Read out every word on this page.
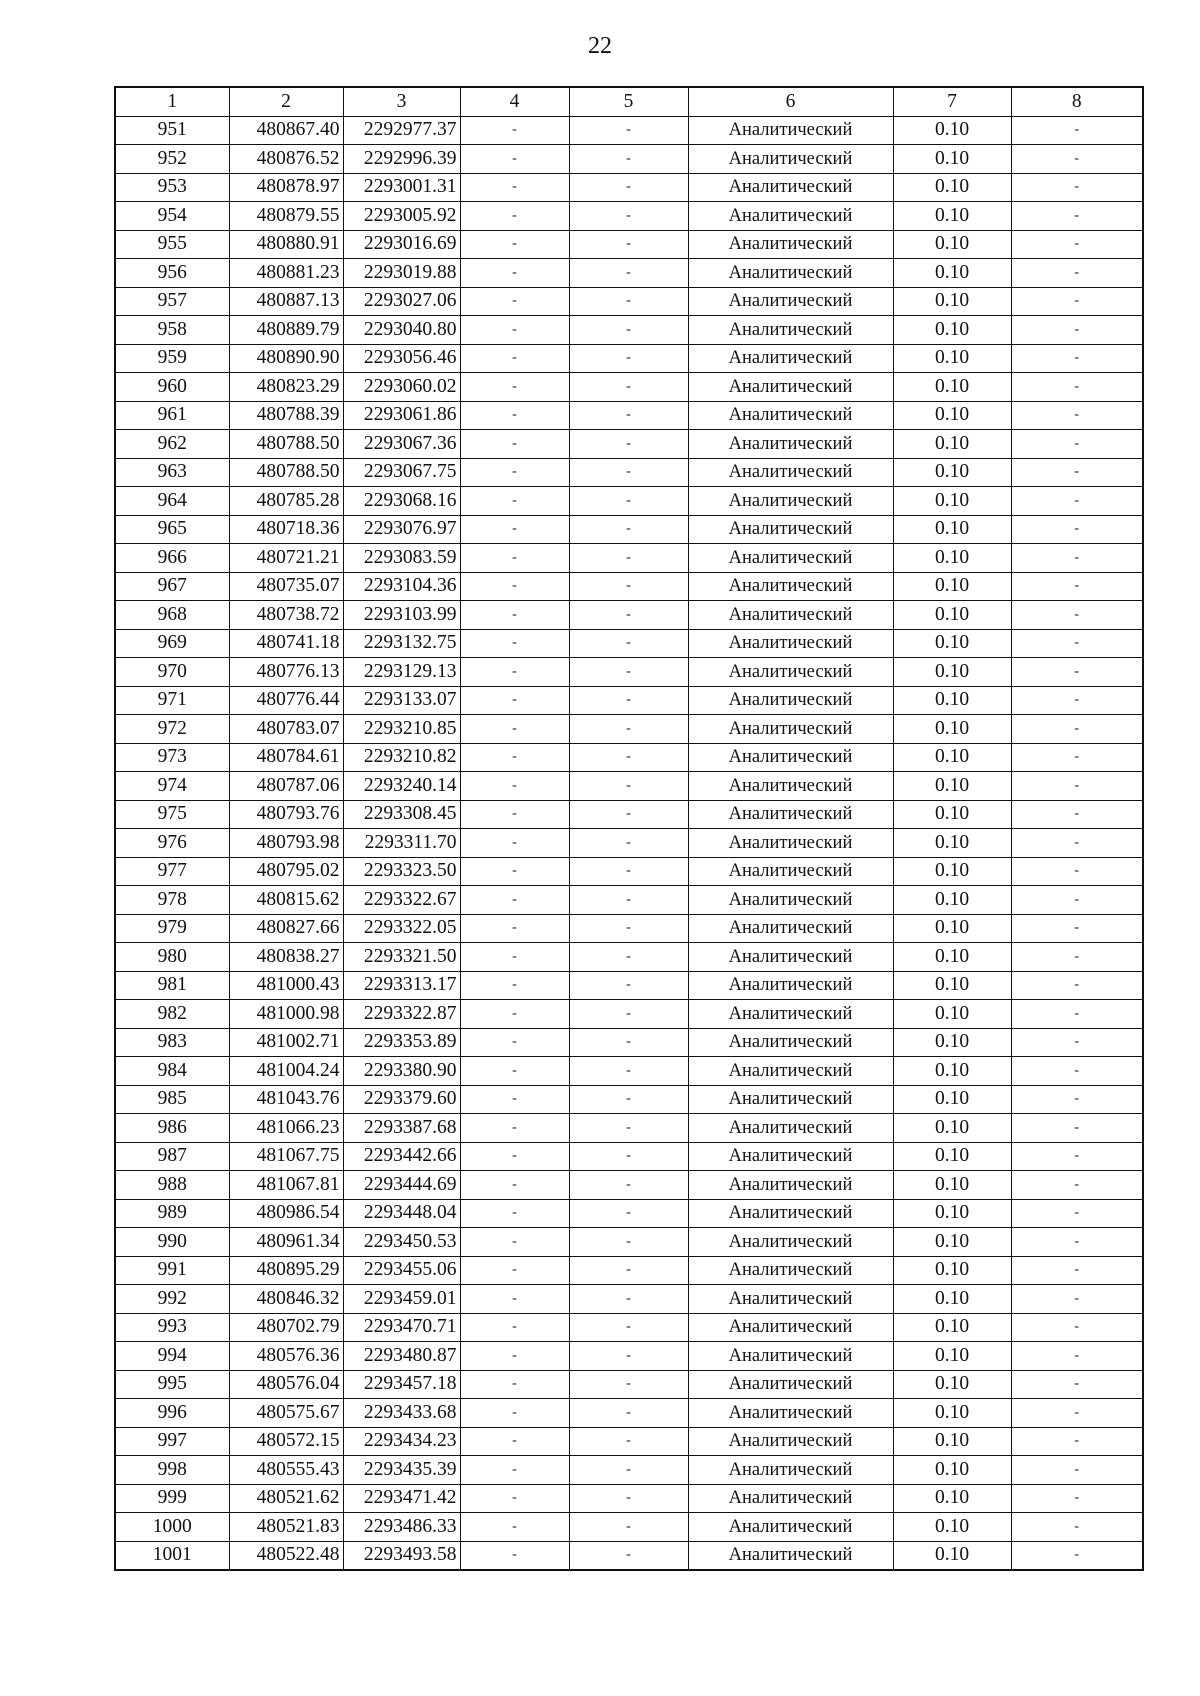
22
1	2	3	4	5	6	7	8
951	480867.40	2292977.37	-	-	Аналитический	0.10	-
952	480876.52	2292996.39	-	-	Аналитический	0.10	-
953	480878.97	2293001.31	-	-	Аналитический	0.10	-
954	480879.55	2293005.92	-	-	Аналитический	0.10	-
955	480880.91	2293016.69	-	-	Аналитический	0.10	-
956	480881.23	2293019.88	-	-	Аналитический	0.10	-
957	480887.13	2293027.06	-	-	Аналитический	0.10	-
958	480889.79	2293040.80	-	-	Аналитический	0.10	-
959	480890.90	2293056.46	-	-	Аналитический	0.10	-
960	480823.29	2293060.02	-	-	Аналитический	0.10	-
961	480788.39	2293061.86	-	-	Аналитический	0.10	-
962	480788.50	2293067.36	-	-	Аналитический	0.10	-
963	480788.50	2293067.75	-	-	Аналитический	0.10	-
964	480785.28	2293068.16	-	-	Аналитический	0.10	-
965	480718.36	2293076.97	-	-	Аналитический	0.10	-
966	480721.21	2293083.59	-	-	Аналитический	0.10	-
967	480735.07	2293104.36	-	-	Аналитический	0.10	-
968	480738.72	2293103.99	-	-	Аналитический	0.10	-
969	480741.18	2293132.75	-	-	Аналитический	0.10	-
970	480776.13	2293129.13	-	-	Аналитический	0.10	-
971	480776.44	2293133.07	-	-	Аналитический	0.10	-
972	480783.07	2293210.85	-	-	Аналитический	0.10	-
973	480784.61	2293210.82	-	-	Аналитический	0.10	-
974	480787.06	2293240.14	-	-	Аналитический	0.10	-
975	480793.76	2293308.45	-	-	Аналитический	0.10	-
976	480793.98	2293311.70	-	-	Аналитический	0.10	-
977	480795.02	2293323.50	-	-	Аналитический	0.10	-
978	480815.62	2293322.67	-	-	Аналитический	0.10	-
979	480827.66	2293322.05	-	-	Аналитический	0.10	-
980	480838.27	2293321.50	-	-	Аналитический	0.10	-
981	481000.43	2293313.17	-	-	Аналитический	0.10	-
982	481000.98	2293322.87	-	-	Аналитический	0.10	-
983	481002.71	2293353.89	-	-	Аналитический	0.10	-
984	481004.24	2293380.90	-	-	Аналитический	0.10	-
985	481043.76	2293379.60	-	-	Аналитический	0.10	-
986	481066.23	2293387.68	-	-	Аналитический	0.10	-
987	481067.75	2293442.66	-	-	Аналитический	0.10	-
988	481067.81	2293444.69	-	-	Аналитический	0.10	-
989	480986.54	2293448.04	-	-	Аналитический	0.10	-
990	480961.34	2293450.53	-	-	Аналитический	0.10	-
991	480895.29	2293455.06	-	-	Аналитический	0.10	-
992	480846.32	2293459.01	-	-	Аналитический	0.10	-
993	480702.79	2293470.71	-	-	Аналитический	0.10	-
994	480576.36	2293480.87	-	-	Аналитический	0.10	-
995	480576.04	2293457.18	-	-	Аналитический	0.10	-
996	480575.67	2293433.68	-	-	Аналитический	0.10	-
997	480572.15	2293434.23	-	-	Аналитический	0.10	-
998	480555.43	2293435.39	-	-	Аналитический	0.10	-
999	480521.62	2293471.42	-	-	Аналитический	0.10	-
1000	480521.83	2293486.33	-	-	Аналитический	0.10	-
1001	480522.48	2293493.58	-	-	Аналитический	0.10	-
